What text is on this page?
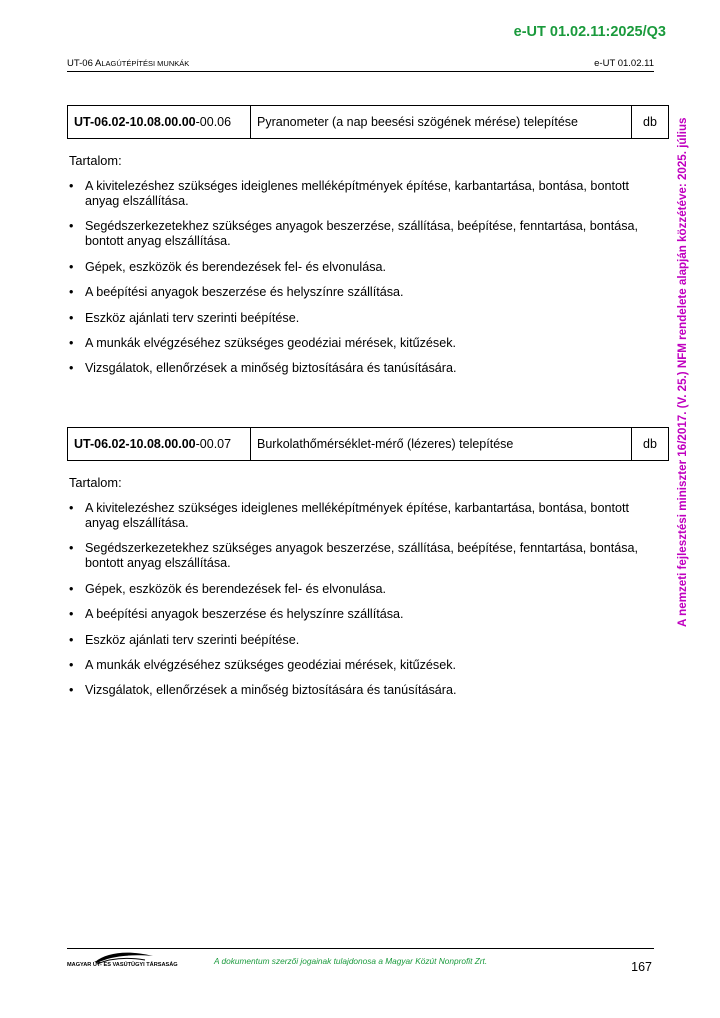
e-UT 01.02.11:2025/Q3
UT-06 ALAGÚTÉPÍTÉSI MUNKÁK	e-UT 01.02.11
A nemzeti fejlesztési miniszter 16/2017. (V. 25.) NFM rendelete alapján közzétéve: 2025. július
UT-06.02-10.08.00.00-00.06	Pyranometer (a nap beesési szögének mérése) telepítése	db
Tartalom:
• A kivitelezéshez szükséges ideiglenes melléképítmények építése, karbantartása, bontása, bontott anyag elszállítása.
• Segédszerkezetekhez szükséges anyagok beszerzése, szállítása, beépítése, fenntartása, bontása, bontott anyag elszállítása.
• Gépek, eszközök és berendezések fel- és elvonulása.
• A beépítési anyagok beszerzése és helyszínre szállítása.
• Eszköz ajánlati terv szerinti beépítése.
• A munkák elvégzéséhez szükséges geodéziai mérések, kitűzések.
• Vizsgálatok, ellenőrzések a minőség biztosítására és tanúsítására.
UT-06.02-10.08.00.00-00.07	Burkolathőmérséklet-mérő (lézeres) telepítése	db
Tartalom:
• A kivitelezéshez szükséges ideiglenes melléképítmények építése, karbantartása, bontása, bontott anyag elszállítása.
• Segédszerkezetekhez szükséges anyagok beszerzése, szállítása, beépítése, fenntartása, bontása, bontott anyag elszállítása.
• Gépek, eszközök és berendezések fel- és elvonulása.
• A beépítési anyagok beszerzése és helyszínre szállítása.
• Eszköz ajánlati terv szerinti beépítése.
• A munkák elvégzéséhez szükséges geodéziai mérések, kitűzések.
• Vizsgálatok, ellenőrzések a minőség biztosítására és tanúsítására.
MAGYAR ÚT- ÉS VASÚTÜGYI TÁRSASÁG	A dokumentum szerzői jogainak tulajdonosa a Magyar Közút Nonprofit Zrt.	167
